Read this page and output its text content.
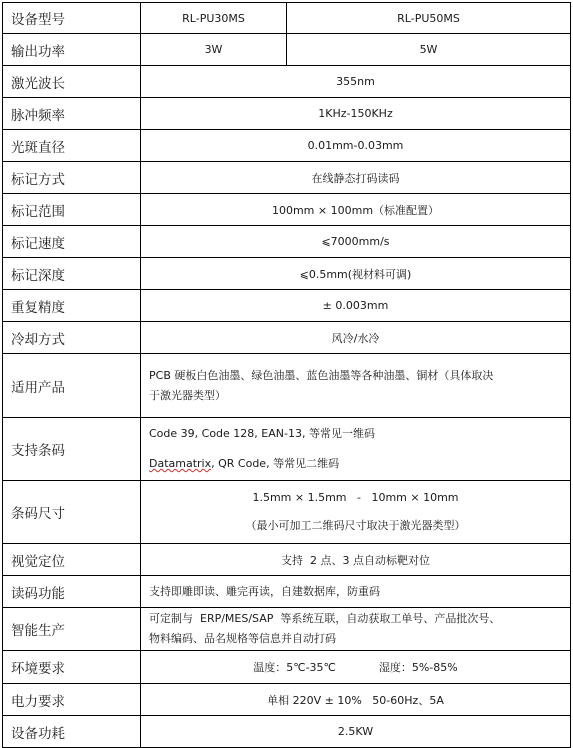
设备型号	RL-PU30MS	RL-PU50MS
输出功率	3W	5W
激光波长	355nm	
脉冲频率	1KHz-150KHz	
光斑直径	0.01mm-0.03mm	
标记方式	在线静态打码读码	
标记范围	100mm × 100mm（标准配置）	
标记速度	⩽7000mm/s	
标记深度	⩽0.5mm(视材料可调)	
重复精度	± 0.003mm	
冷却方式	风冷/水冷	
适用产品	PCB 硬板白色油墨、绿色油墨、蓝色油墨等各种油墨、铜材（具体取决
于激光器类型）	

支持条码	Code 39, Code 128, EAN-13, 等常见一维码
Datamatrix, QR Code, 等常见二维码	

条码尺寸	1.5mm × 1.5mm   -   10mm × 10mm
（最小可加工二维码尺寸取决于激光器类型）	

视觉定位	支持  2 点、3 点自动标靶对位	
读码功能	支持即雕即读、雕完再读，自建数据库，防重码	
智能生产	可定制与  ERP/MES/SAP  等系统互联，自动获取工单号、产品批次号、
物料编码、品名规格等信息并自动打码	

环境要求	温度：5℃-35℃ 湿度：5%-85%	
电力要求	单相 220V ± 10%   50-60Hz、5A	
设备功耗	2.5KW	
